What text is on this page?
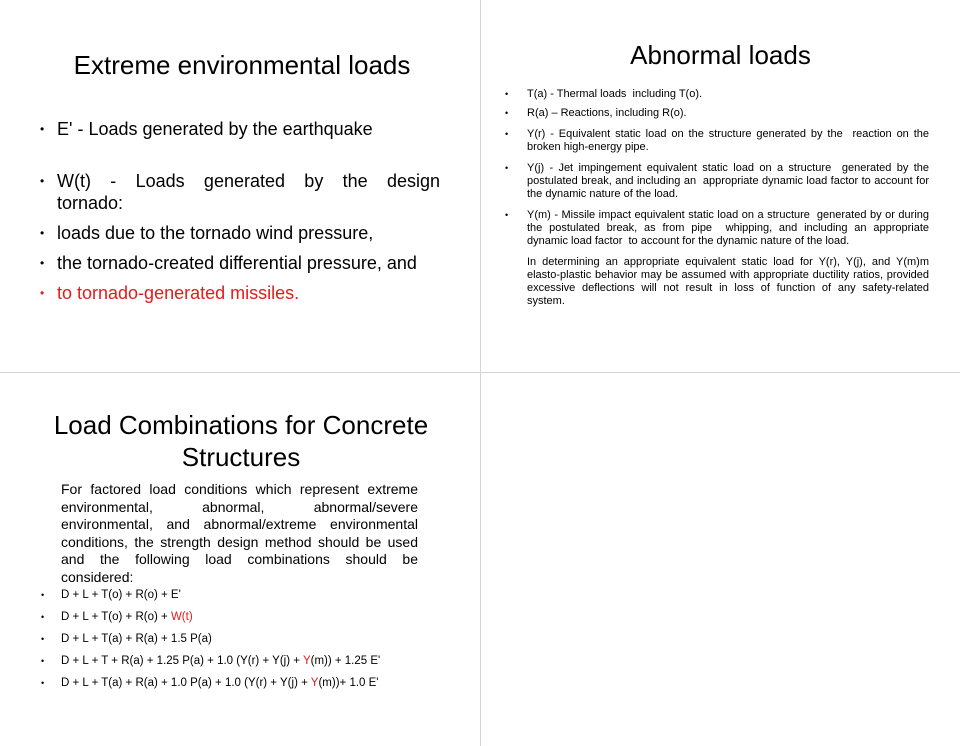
Extreme environmental loads
• E' - Loads generated by the earthquake
• W(t)  -  Loads  generated  by  the  design tornado:
• loads due to the tornado wind pressure,
• the tornado-created differential pressure, and
• to tornado-generated missiles.
Abnormal loads
• T(a) - Thermal loads  including T(o).
• R(a) – Reactions, including R(o).
• Y(r) - Equivalent static load on the structure generated by the  reaction on the broken high-energy pipe.
• Y(j) - Jet impingement equivalent static load on a structure  generated by the postulated break, and including an  appropriate dynamic load factor to account for the dynamic nature of the load.
• Y(m) - Missile impact equivalent static load on a structure  generated by or during the postulated break, as from pipe  whipping, and including an appropriate dynamic load factor  to account for the dynamic nature of the load.
In determining an appropriate equivalent static load for Y(r), Y(j), and Y(m)m elasto-plastic behavior may be assumed with appropriate ductility ratios, provided excessive deflections will not result in loss of function of any safety-related system.
Load Combinations for Concrete Structures
For factored load conditions which represent extreme environmental, abnormal, abnormal/severe environmental, and abnormal/extreme environmental conditions, the strength design method should be used and the following load combinations should be considered:
• D + L + T(o) + R(o) + E'
• D + L + T(o) + R(o) + W(t)
• D + L + T(a) + R(a) + 1.5 P(a)
• D + L + T + R(a) + 1.25 P(a) + 1.0 (Y(r) + Y(j) + Y(m)) + 1.25 E'
• D + L + T(a) + R(a) + 1.0 P(a) + 1.0 (Y(r) + Y(j) + Y(m))+ 1.0 E'
